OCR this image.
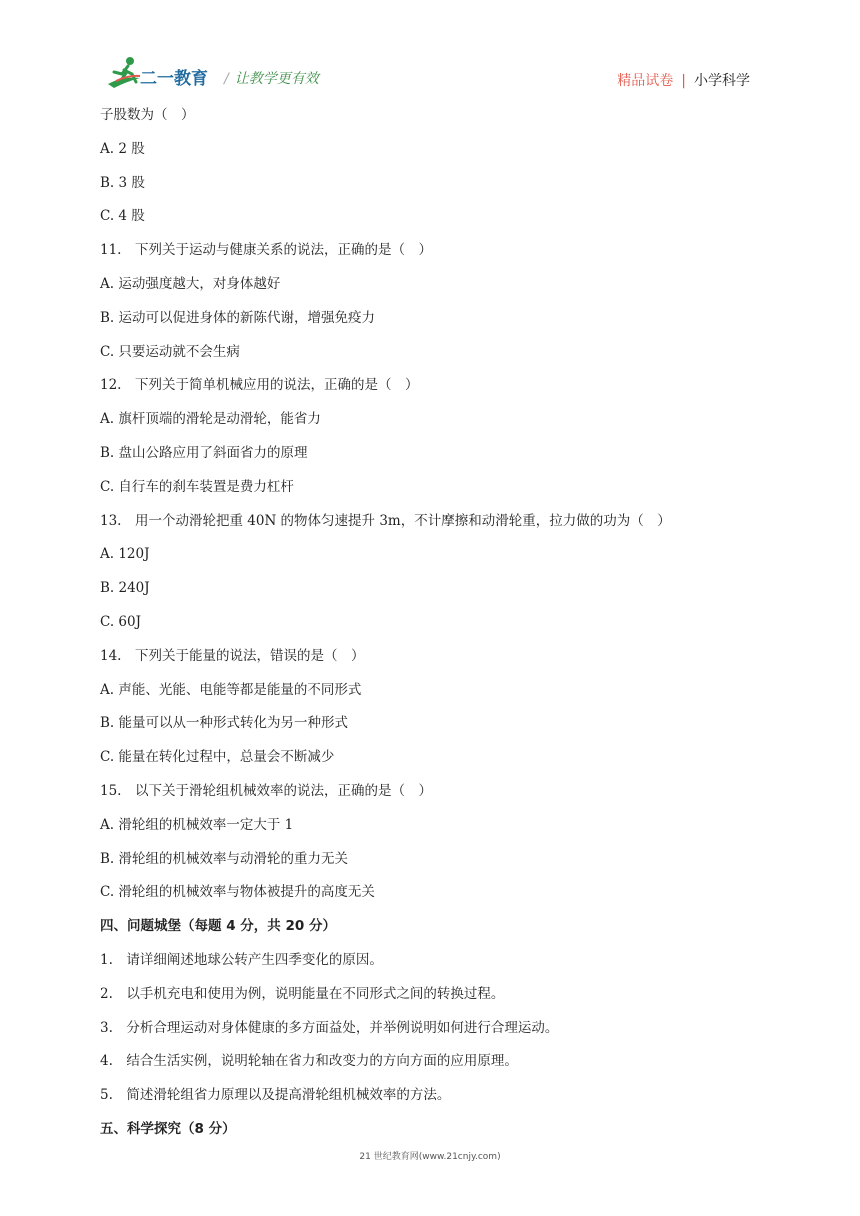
二一教育 / 让教学更有效	精品试卷 | 小学科学
子股数为（　）
A. 2 股
B. 3 股
C. 4 股
11.　下列关于运动与健康关系的说法，正确的是（　）
A. 运动强度越大，对身体越好
B. 运动可以促进身体的新陈代谢，增强免疫力
C. 只要运动就不会生病
12.　下列关于简单机械应用的说法，正确的是（　）
A. 旗杆顶端的滑轮是动滑轮，能省力
B. 盘山公路应用了斜面省力的原理
C. 自行车的刹车装置是费力杠杆
13.　用一个动滑轮把重 40N 的物体匀速提升 3m，不计摩擦和动滑轮重，拉力做的功为（　）
A. 120J
B. 240J
C. 60J
14.　下列关于能量的说法，错误的是（　）
A. 声能、光能、电能等都是能量的不同形式
B. 能量可以从一种形式转化为另一种形式
C. 能量在转化过程中，总量会不断减少
15.　以下关于滑轮组机械效率的说法，正确的是（　）
A. 滑轮组的机械效率一定大于 1
B. 滑轮组的机械效率与动滑轮的重力无关
C. 滑轮组的机械效率与物体被提升的高度无关
四、问题城堡（每题 4 分，共 20 分）
1.　请详细阐述地球公转产生四季变化的原因。
2.　以手机充电和使用为例，说明能量在不同形式之间的转换过程。
3.　分析合理运动对身体健康的多方面益处，并举例说明如何进行合理运动。
4.　结合生活实例，说明轮轴在省力和改变力的方向方面的应用原理。
5.　简述滑轮组省力原理以及提高滑轮组机械效率的方法。
五、科学探究（8 分）
21 世纪教育网(www.21cnjy.com)
